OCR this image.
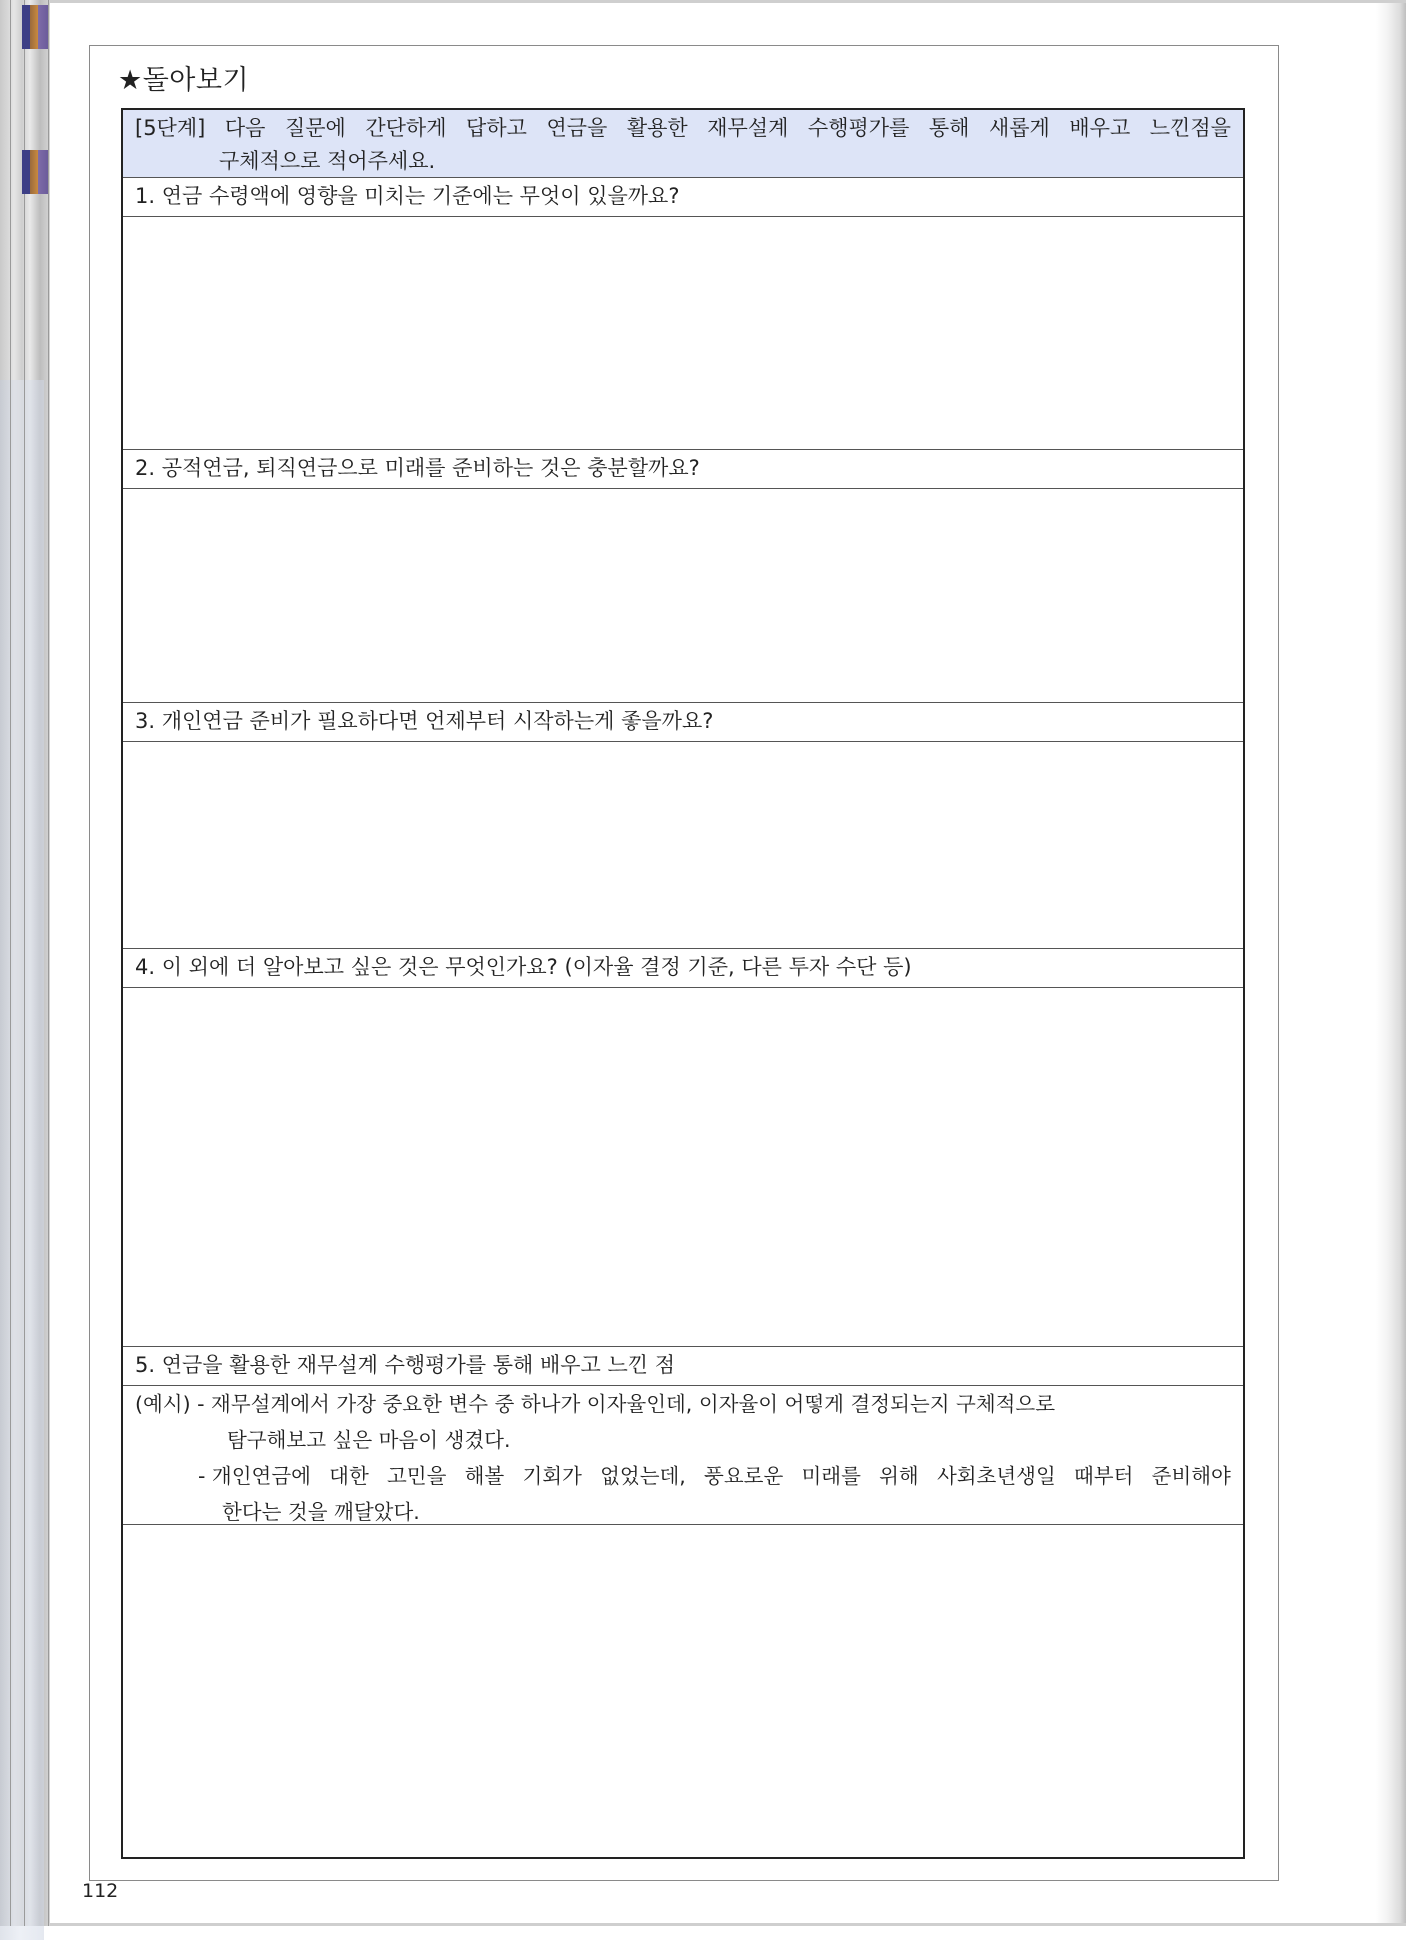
★돌아보기
[5단계] 다음 질문에 간단하게 답하고 연금을 활용한 재무설계 수행평가를 통해 새롭게 배우고 느낀점을
구체적으로 적어주세요.
1. 연금 수령액에 영향을 미치는 기준에는 무엇이 있을까요?
2. 공적연금, 퇴직연금으로 미래를 준비하는 것은 충분할까요?
3. 개인연금 준비가 필요하다면 언제부터 시작하는게 좋을까요?
4. 이 외에 더 알아보고 싶은 것은 무엇인가요? (이자율 결정 기준, 다른 투자 수단 등)
5. 연금을 활용한 재무설계 수행평가를 통해 배우고 느낀 점
(예시) - 재무설계에서 가장 중요한 변수 중 하나가 이자율인데, 이자율이 어떻게 결정되는지 구체적으로
탐구해보고 싶은 마음이 생겼다.
- 개인연금에 대한 고민을 해볼 기회가 없었는데, 풍요로운 미래를 위해 사회초년생일 때부터 준비해야
한다는 것을 깨달았다.
112
